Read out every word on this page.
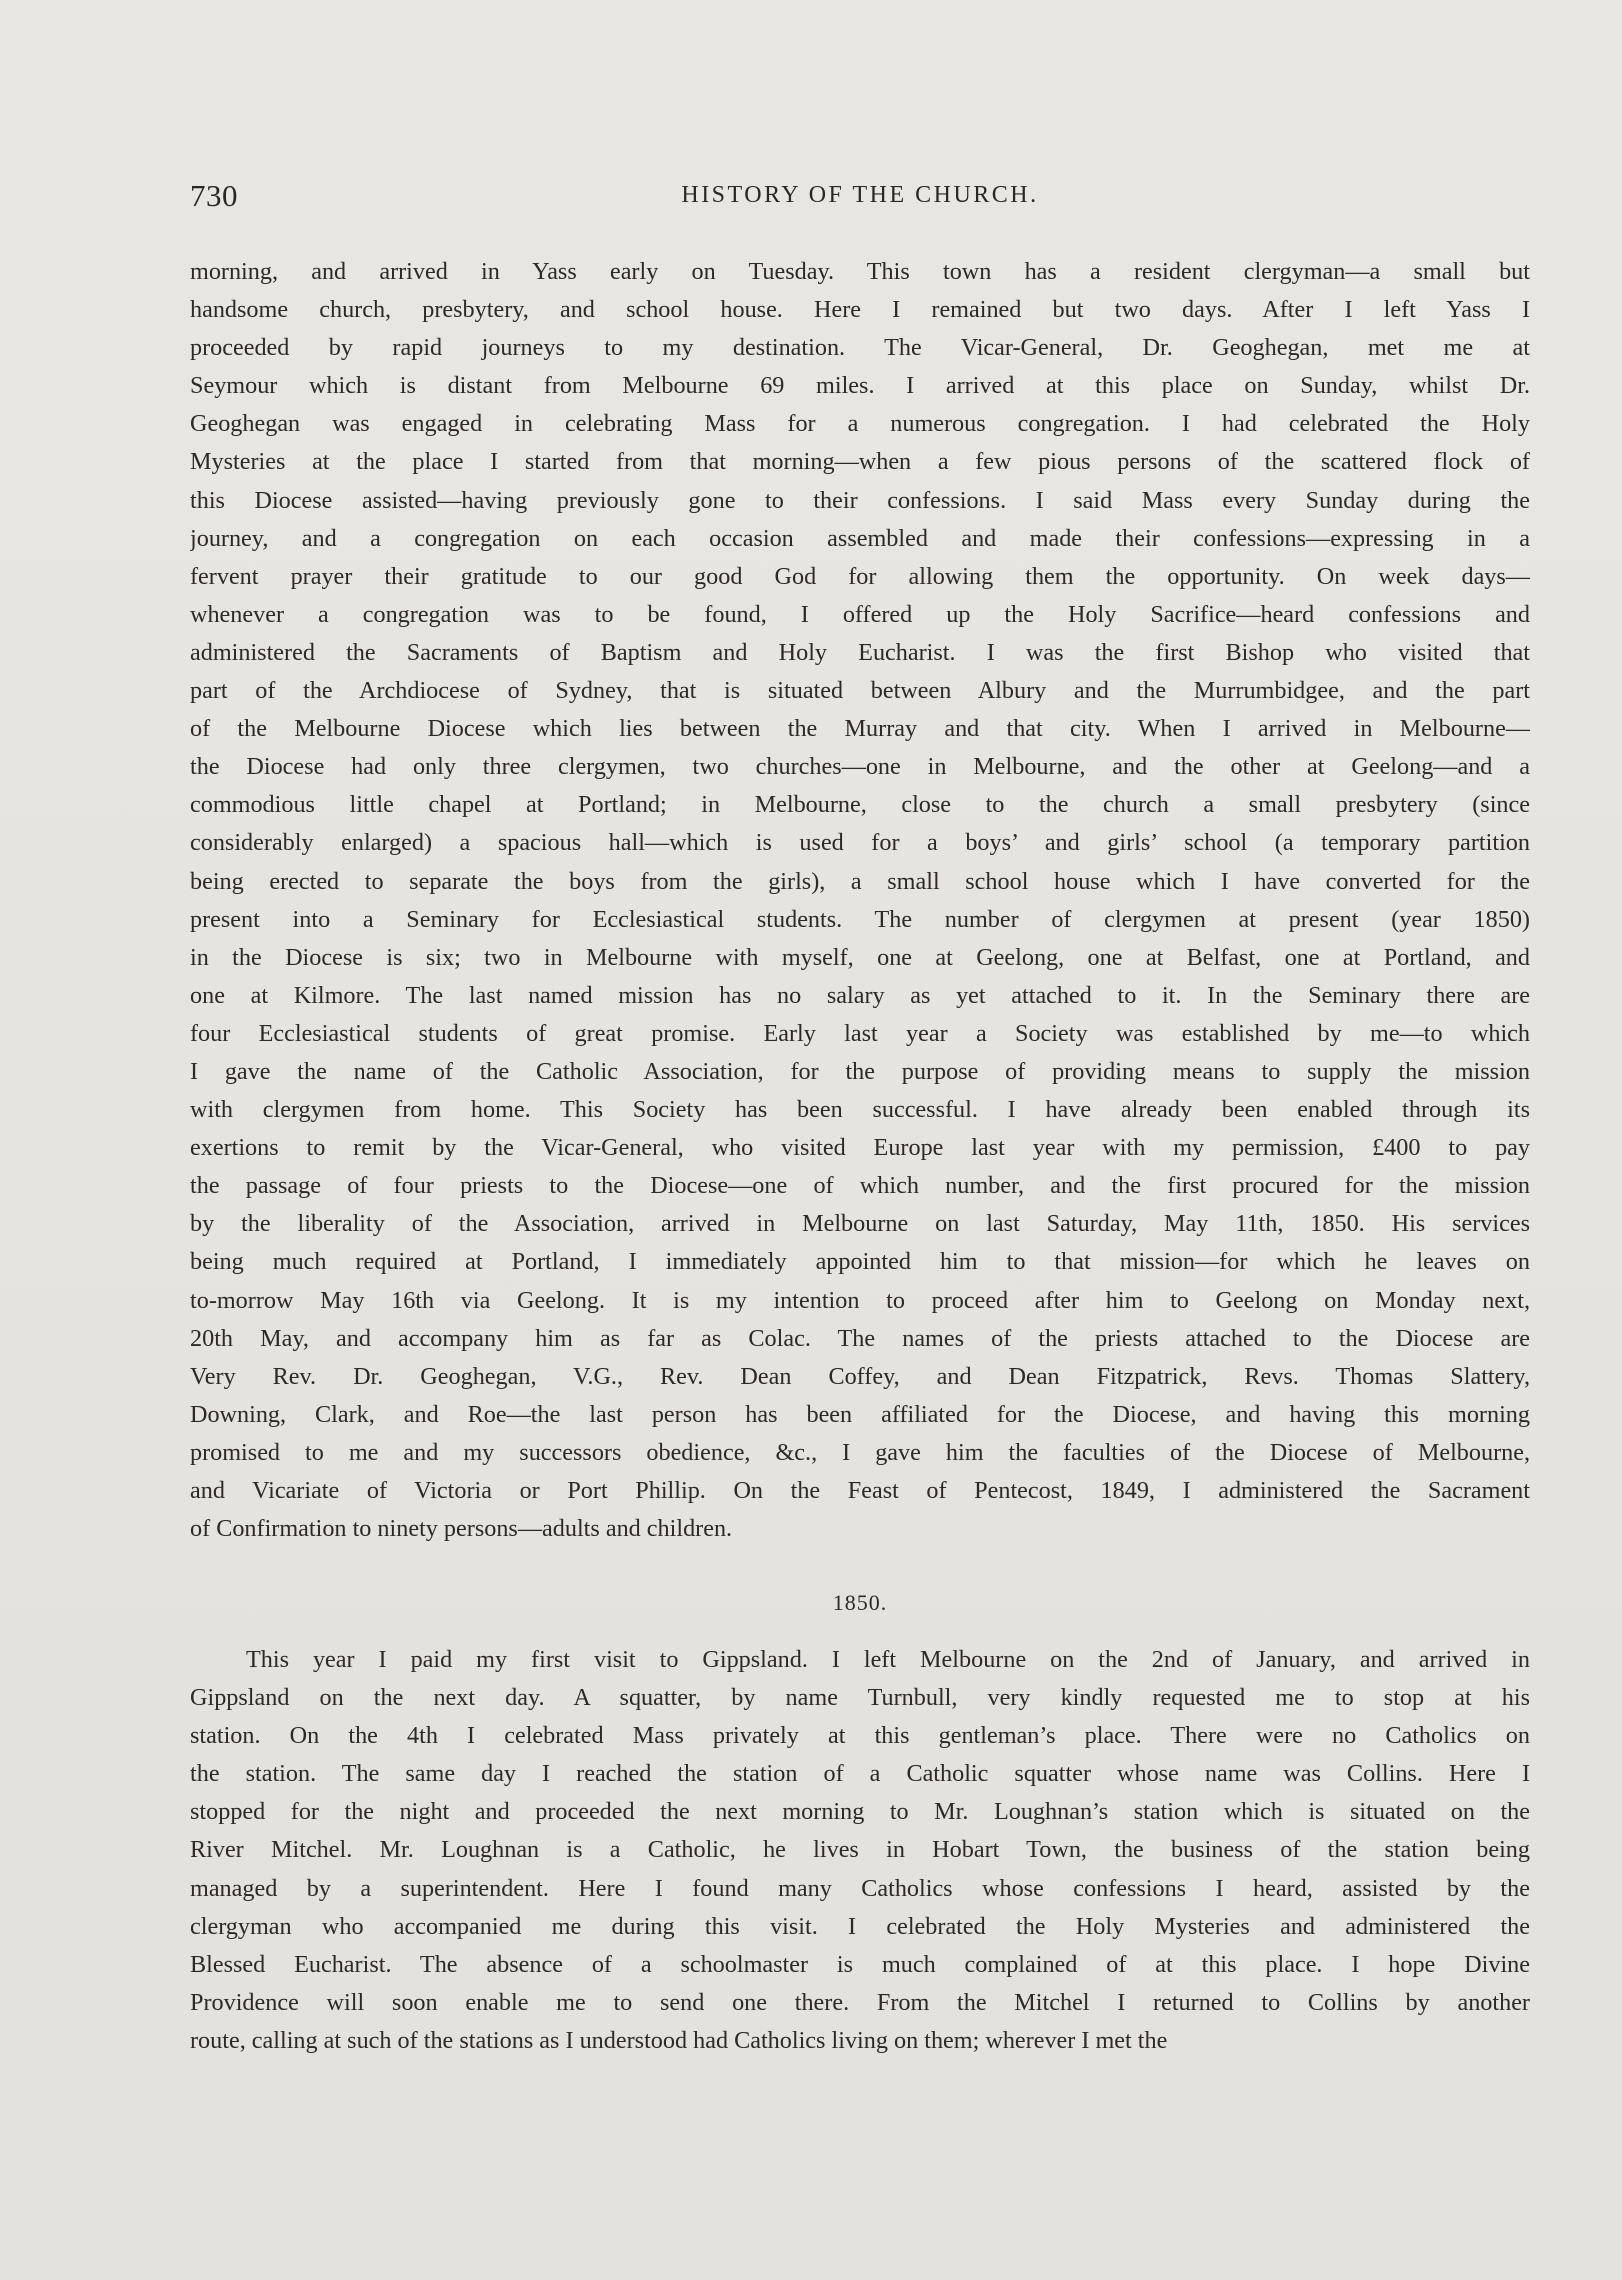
730	HISTORY OF THE CHURCH.
morning, and arrived in Yass early on Tuesday. This town has a resident clergyman—a small but
handsome church, presbytery, and school house. Here I remained but two days. After I left Yass I
proceeded by rapid journeys to my destination. The Vicar-General, Dr. Geoghegan, met me at
Seymour which is distant from Melbourne 69 miles. I arrived at this place on Sunday, whilst Dr.
Geoghegan was engaged in celebrating Mass for a numerous congregation. I had celebrated the Holy
Mysteries at the place I started from that morning—when a few pious persons of the scattered flock of
this Diocese assisted—having previously gone to their confessions. I said Mass every Sunday during the
journey, and a congregation on each occasion assembled and made their confessions—expressing in a
fervent prayer their gratitude to our good God for allowing them the opportunity. On week days—
whenever a congregation was to be found, I offered up the Holy Sacrifice—heard confessions and
administered the Sacraments of Baptism and Holy Eucharist. I was the first Bishop who visited that
part of the Archdiocese of Sydney, that is situated between Albury and the Murrumbidgee, and the part
of the Melbourne Diocese which lies between the Murray and that city. When I arrived in Melbourne—
the Diocese had only three clergymen, two churches—one in Melbourne, and the other at Geelong—and a
commodious little chapel at Portland; in Melbourne, close to the church a small presbytery (since
considerably enlarged) a spacious hall—which is used for a boys’ and girls’ school (a temporary partition
being erected to separate the boys from the girls), a small school house which I have converted for the
present into a Seminary for Ecclesiastical students. The number of clergymen at present (year 1850)
in the Diocese is six; two in Melbourne with myself, one at Geelong, one at Belfast, one at Portland, and
one at Kilmore. The last named mission has no salary as yet attached to it. In the Seminary there are
four Ecclesiastical students of great promise. Early last year a Society was established by me—to which
I gave the name of the Catholic Association, for the purpose of providing means to supply the mission
with clergymen from home. This Society has been successful. I have already been enabled through its
exertions to remit by the Vicar-General, who visited Europe last year with my permission, £400 to pay
the passage of four priests to the Diocese—one of which number, and the first procured for the mission
by the liberality of the Association, arrived in Melbourne on last Saturday, May 11th, 1850. His services
being much required at Portland, I immediately appointed him to that mission—for which he leaves on
to-morrow May 16th via Geelong. It is my intention to proceed after him to Geelong on Monday next,
20th May, and accompany him as far as Colac. The names of the priests attached to the Diocese are
Very Rev. Dr. Geoghegan, V.G., Rev. Dean Coffey, and Dean Fitzpatrick, Revs. Thomas Slattery,
Downing, Clark, and Roe—the last person has been affiliated for the Diocese, and having this morning
promised to me and my successors obedience, &c., I gave him the faculties of the Diocese of Melbourne,
and Vicariate of Victoria or Port Phillip. On the Feast of Pentecost, 1849, I administered the Sacrament
of Confirmation to ninety persons—adults and children.
1850.
This year I paid my first visit to Gippsland. I left Melbourne on the 2nd of January, and arrived in
Gippsland on the next day. A squatter, by name Turnbull, very kindly requested me to stop at his
station. On the 4th I celebrated Mass privately at this gentleman’s place. There were no Catholics on
the station. The same day I reached the station of a Catholic squatter whose name was Collins. Here I
stopped for the night and proceeded the next morning to Mr. Loughnan’s station which is situated on the
River Mitchel. Mr. Loughnan is a Catholic, he lives in Hobart Town, the business of the station being
managed by a superintendent. Here I found many Catholics whose confessions I heard, assisted by the
clergyman who accompanied me during this visit. I celebrated the Holy Mysteries and administered the
Blessed Eucharist. The absence of a schoolmaster is much complained of at this place. I hope Divine
Providence will soon enable me to send one there. From the Mitchel I returned to Collins by another
route, calling at such of the stations as I understood had Catholics living on them; wherever I met the
